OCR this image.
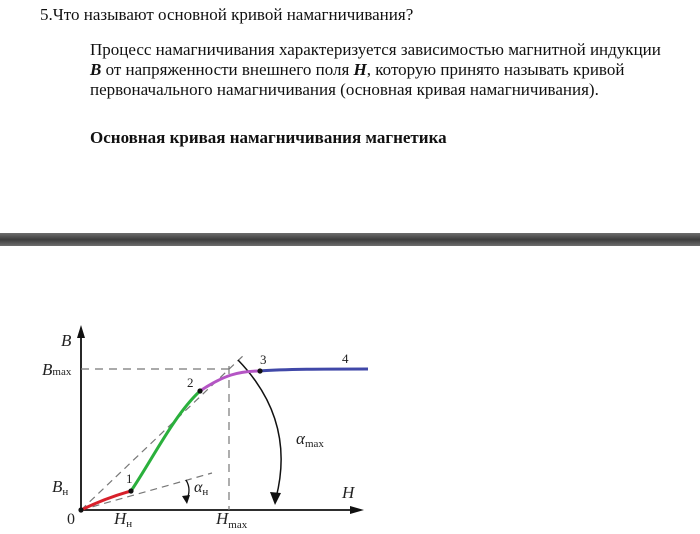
5.Что называют основной кривой намагничивания?
Процесс намагничивания характеризуется зависимостью магнитной индукции B от напряженности внешнего поля H, которую принято называть кривой первоначального намагничивания (основная кривая намагничивания).
Основная кривая намагничивания магнетика
B
H
0
Bmax
Bн
Hн	$H_{max}$
αн
αmax
1
2
3	4
